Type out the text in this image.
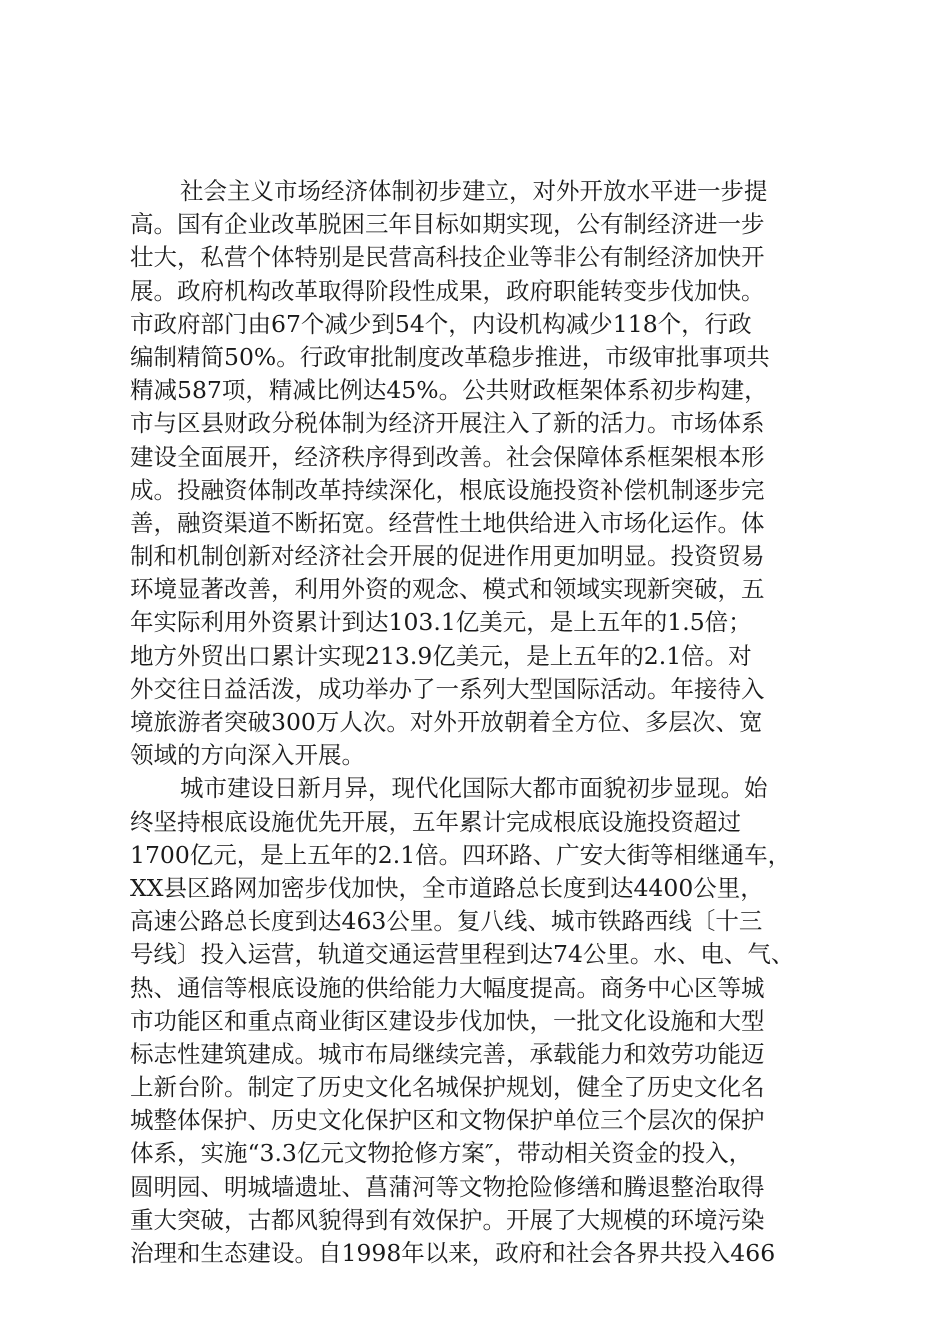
社会主义市场经济体制初步建立，对外开放水平进一步提
高。国有企业改革脱困三年目标如期实现，公有制经济进一步
壮大，私营个体特别是民营高科技企业等非公有制经济加快开
展。政府机构改革取得阶段性成果，政府职能转变步伐加快。
市政府部门由67个减少到54个，内设机构减少118个，行政
编制精简50%。行政审批制度改革稳步推进，市级审批事项共
精减587项，精减比例达45%。公共财政框架体系初步构建，
市与区县财政分税体制为经济开展注入了新的活力。市场体系
建设全面展开，经济秩序得到改善。社会保障体系框架根本形
成。投融资体制改革持续深化，根底设施投资补偿机制逐步完
善，融资渠道不断拓宽。经营性土地供给进入市场化运作。体
制和机制创新对经济社会开展的促进作用更加明显。投资贸易
环境显著改善，利用外资的观念、模式和领域实现新突破，五
年实际利用外资累计到达103.1亿美元，是上五年的1.5倍；
地方外贸出口累计实现213.9亿美元，是上五年的2.1倍。对
外交往日益活泼，成功举办了一系列大型国际活动。年接待入
境旅游者突破300万人次。对外开放朝着全方位、多层次、宽
领域的方向深入开展。
城市建设日新月异，现代化国际大都市面貌初步显现。始
终坚持根底设施优先开展，五年累计完成根底设施投资超过
1700亿元，是上五年的2.1倍。四环路、广安大街等相继通车，
XX县区路网加密步伐加快，全市道路总长度到达4400公里，
高速公路总长度到达463公里。复八线、城市铁路西线〔十三
号线〕投入运营，轨道交通运营里程到达74公里。水、电、气、
热、通信等根底设施的供给能力大幅度提高。商务中心区等城
市功能区和重点商业街区建设步伐加快，一批文化设施和大型
标志性建筑建成。城市布局继续完善，承载能力和效劳功能迈
上新台阶。制定了历史文化名城保护规划，健全了历史文化名
城整体保护、历史文化保护区和文物保护单位三个层次的保护
体系，实施“3.3亿元文物抢修方案″，带动相关资金的投入，
圆明园、明城墙遗址、菖蒲河等文物抢险修缮和腾退整治取得
重大突破，古都风貌得到有效保护。开展了大规模的环境污染
治理和生态建设。自1998年以来，政府和社会各界共投入466
